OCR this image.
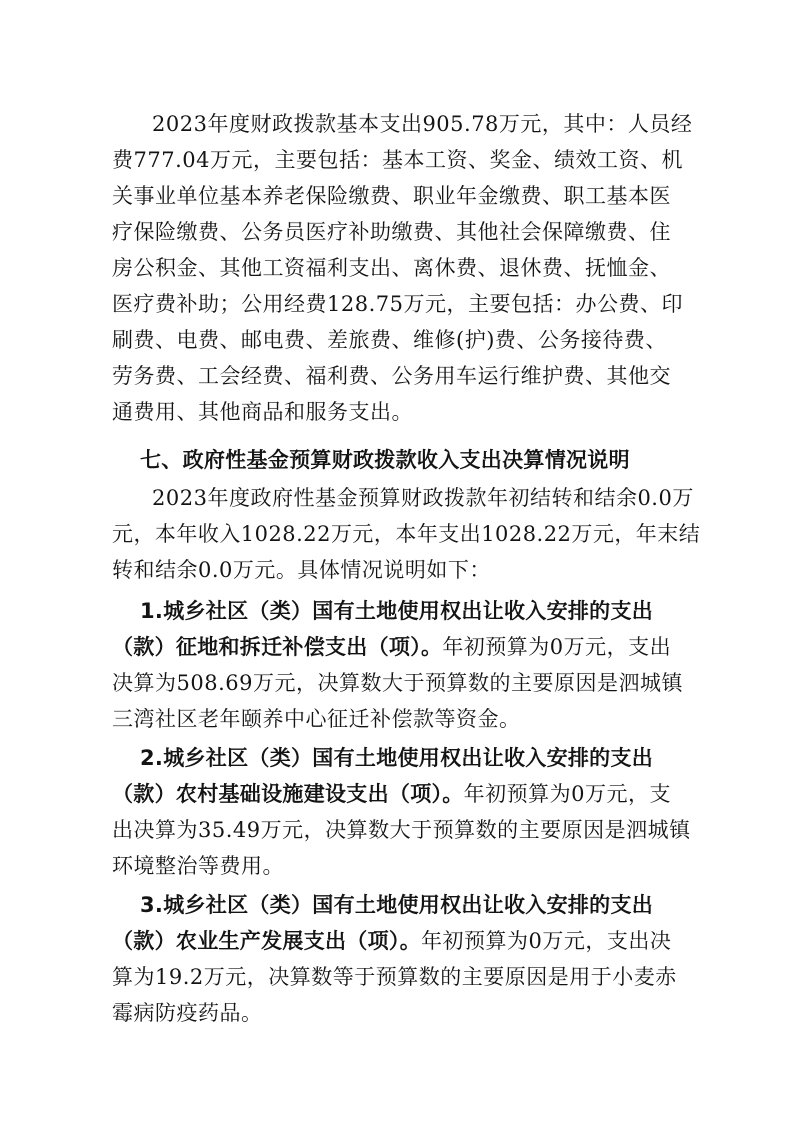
2023年度财政拨款基本支出905.78万元，其中：人员经
费777.04万元，主要包括：基本工资、奖金、绩效工资、机
关事业单位基本养老保险缴费、职业年金缴费、职工基本医
疗保险缴费、公务员医疗补助缴费、其他社会保障缴费、住
房公积金、其他工资福利支出、离休费、退休费、抚恤金、
医疗费补助；公用经费128.75万元，主要包括：办公费、印
刷费、电费、邮电费、差旅费、维修(护)费、公务接待费、
劳务费、工会经费、福利费、公务用车运行维护费、其他交
通费用、其他商品和服务支出。
七、政府性基金预算财政拨款收入支出决算情况说明
2023年度政府性基金预算财政拨款年初结转和结余0.0万
元，本年收入1028.22万元，本年支出1028.22万元，年末结
转和结余0.0万元。具体情况说明如下：
1.城乡社区（类）国有土地使用权出让收入安排的支出
（款）征地和拆迁补偿支出（项）。年初预算为0万元，支出
决算为508.69万元，决算数大于预算数的主要原因是泗城镇
三湾社区老年颐养中心征迁补偿款等资金。
2.城乡社区（类）国有土地使用权出让收入安排的支出
（款）农村基础设施建设支出（项）。年初预算为0万元，支
出决算为35.49万元，决算数大于预算数的主要原因是泗城镇
环境整治等费用。
3.城乡社区（类）国有土地使用权出让收入安排的支出
（款）农业生产发展支出（项）。年初预算为0万元，支出决
算为19.2万元，决算数等于预算数的主要原因是用于小麦赤
霉病防疫药品。
